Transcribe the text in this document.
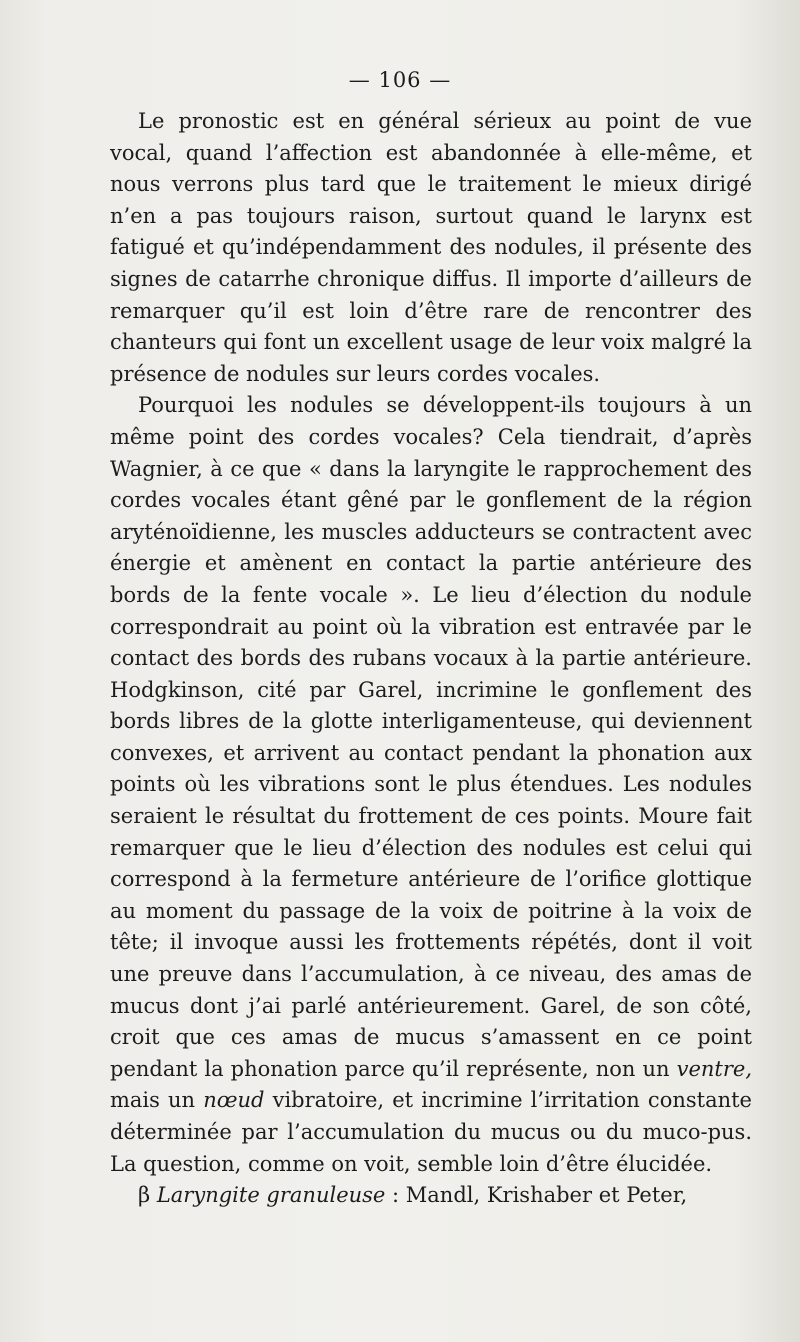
— 106 —

Le pronostic est en général sérieux au point de vue vocal, quand l’affection est abandonnée à elle-même, et nous verrons plus tard que le traitement le mieux dirigé n’en a pas toujours raison, surtout quand le larynx est fatigué et qu’indépendamment des nodules, il présente des signes de catarrhe chronique diffus. Il importe d’ailleurs de remarquer qu’il est loin d’être rare de rencontrer des chanteurs qui font un excellent usage de leur voix malgré la présence de nodules sur leurs cordes vocales.

Pourquoi les nodules se développent-ils toujours à un même point des cordes vocales? Cela tiendrait, d’après Wagnier, à ce que « dans la laryngite le rapprochement des cordes vocales étant gêné par le gonflement de la région aryténoïdienne, les muscles adducteurs se contractent avec énergie et amènent en contact la partie antérieure des bords de la fente vocale ». Le lieu d’élection du nodule correspondrait au point où la vibration est entravée par le contact des bords des rubans vocaux à la partie antérieure. Hodgkinson, cité par Garel, incrimine le gonflement des bords libres de la glotte interligamenteuse, qui deviennent convexes, et arrivent au contact pendant la phonation aux points où les vibrations sont le plus étendues. Les nodules seraient le résultat du frottement de ces points. Moure fait remarquer que le lieu d’élection des nodules est celui qui correspond à la fermeture antérieure de l’orifice glottique au moment du passage de la voix de poitrine à la voix de tête; il invoque aussi les frottements répétés, dont il voit une preuve dans l’accumulation, à ce niveau, des amas de mucus dont j’ai parlé antérieurement. Garel, de son côté, croit que ces amas de mucus s’amassent en ce point pendant la phonation parce qu’il représente, non un ventre, mais un nœud vibratoire, et incrimine l’irritation constante déterminée par l’accumulation du mucus ou du muco-pus. La question, comme on voit, semble loin d’être élucidée.

β Laryngite granuleuse : Mandl, Krishaber et Peter,
